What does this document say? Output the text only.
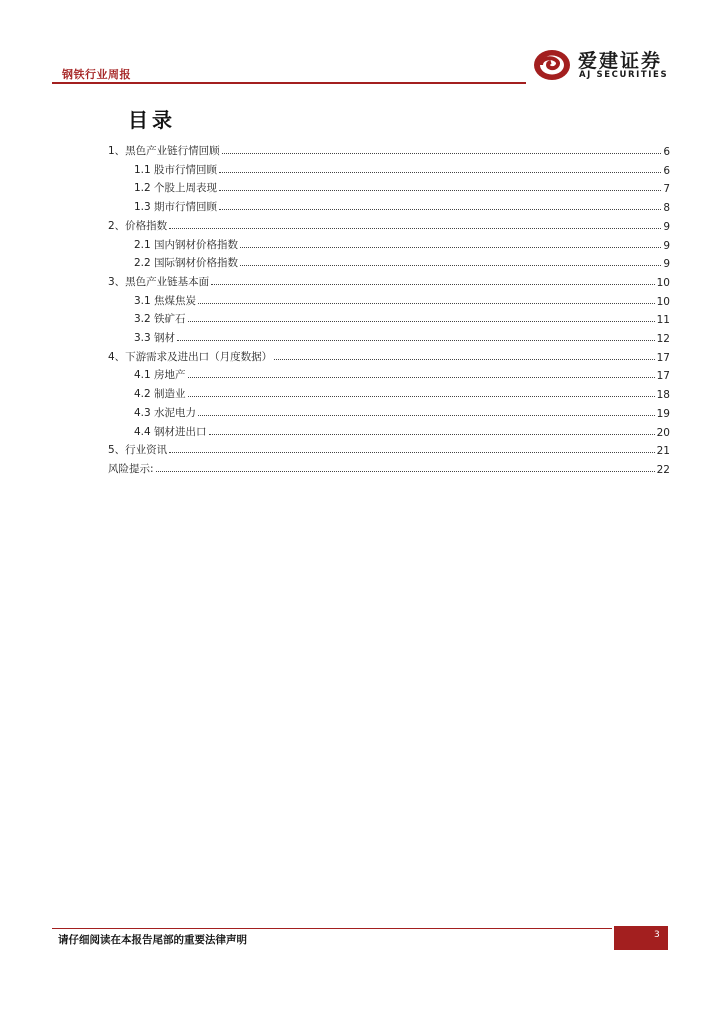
钢铁行业周报
爱建证券
AJ SECURITIES
目录
1、黑色产业链行情回顾	6
1.1 股市行情回顾	6
1.2 个股上周表现	7
1.3 期市行情回顾	8
2、价格指数	9
2.1 国内钢材价格指数	9
2.2 国际钢材价格指数	9
3、黑色产业链基本面	10
3.1 焦煤焦炭	10
3.2 铁矿石	11
3.3 钢材	12
4、下游需求及进出口（月度数据）	17
4.1 房地产	17
4.2 制造业	18
4.3 水泥电力	19
4.4 钢材进出口	20
5、行业资讯	21
风险提示:	22
请仔细阅读在本报告尾部的重要法律声明	3
